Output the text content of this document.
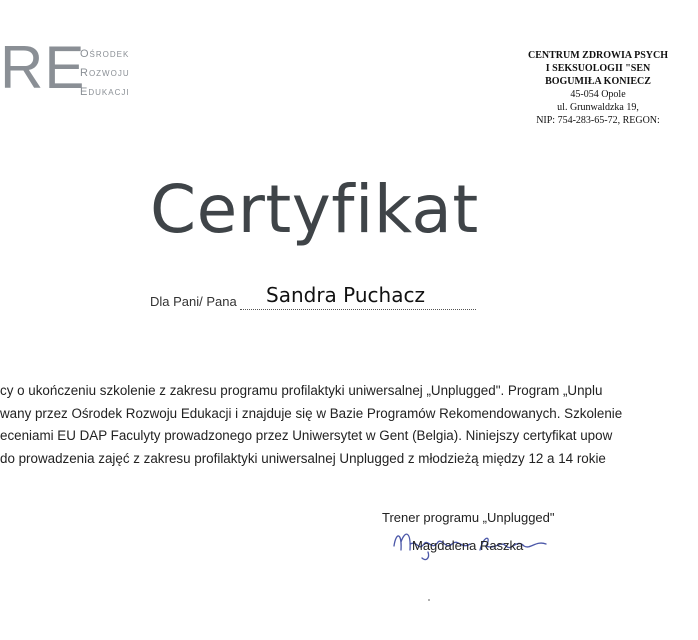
RE
Ośrodek
Rozwoju
Edukacji
CENTRUM ZDROWIA PSYCH
I SEKSUOLOGII "SEN
BOGUMIŁA KONIECZ
45-054 Opole
ul. Grunwaldzka 19,
NIP: 754-283-65-72, REGON:
Certyfikat
Dla Pani/ Pana Sandra Puchacz
cy o ukończeniu szkolenie z zakresu programu profilaktyki uniwersalnej „Unplugged". Program „Unplu
wany przez Ośrodek Rozwoju Edukacji i znajduje się w Bazie Programów Rekomendowanych. Szkolenie
eceniami EU DAP Faculyty prowadzonego przez Uniwersytet w Gent (Belgia). Niniejszy certyfikat upow
do prowadzenia zajęć z zakresu profilaktyki uniwersalnej Unplugged z młodzieżą między 12 a 14 rokie
Trener programu „Unplugged"
Magdalena Raszka
